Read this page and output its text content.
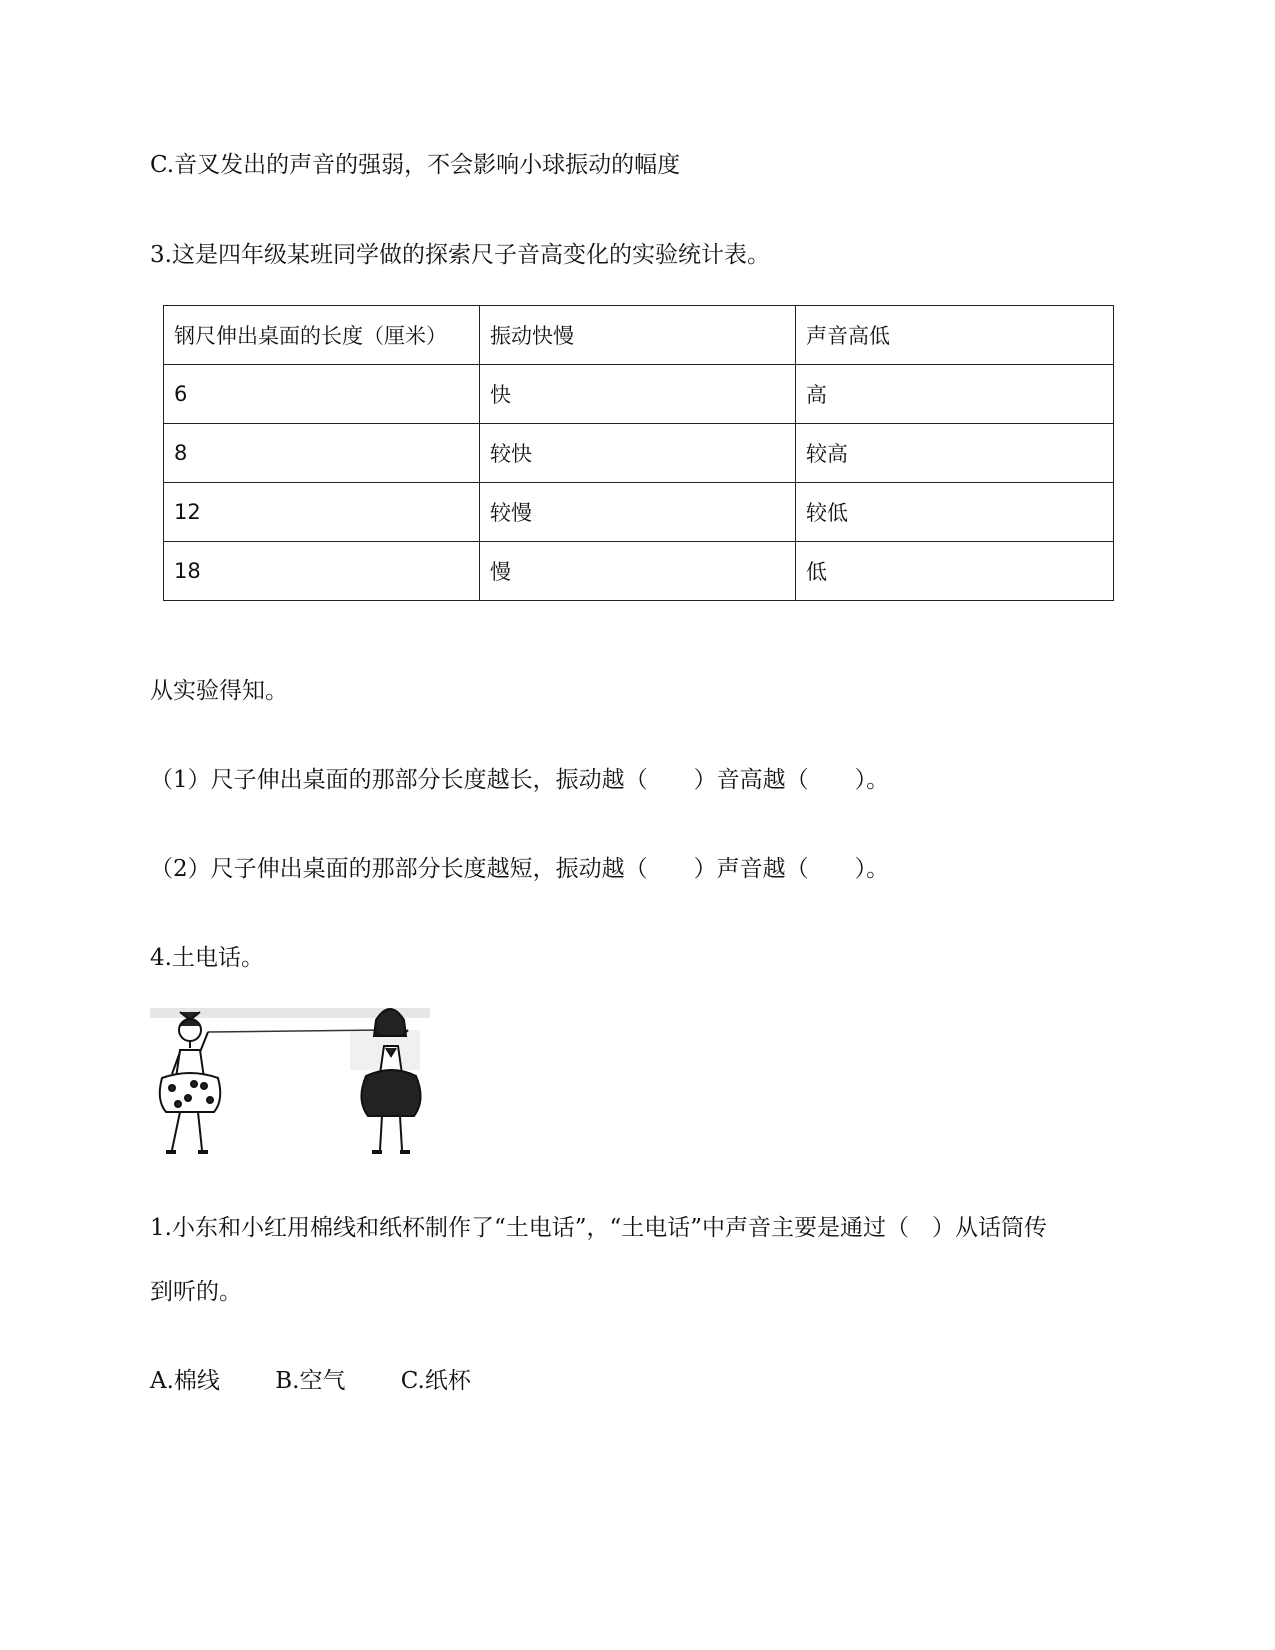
C.音叉发出的声音的强弱，不会影响小球振动的幅度
3.这是四年级某班同学做的探索尺子音高变化的实验统计表。
钢尺伸出桌面的长度（厘米）	振动快慢	声音高低
6	快	高
8	较快	较高
12	较慢	较低
18	慢	低
从实验得知。
（1）尺子伸出桌面的那部分长度越长，振动越（　　）音高越（　　）。
（2）尺子伸出桌面的那部分长度越短，振动越（　　）声音越（　　）。
4.土电话。
1.小东和小红用棉线和纸杯制作了“土电话”，“土电话”中声音主要是通过（　）从话筒传
到听的。
A.棉线 B.空气 C.纸杯
